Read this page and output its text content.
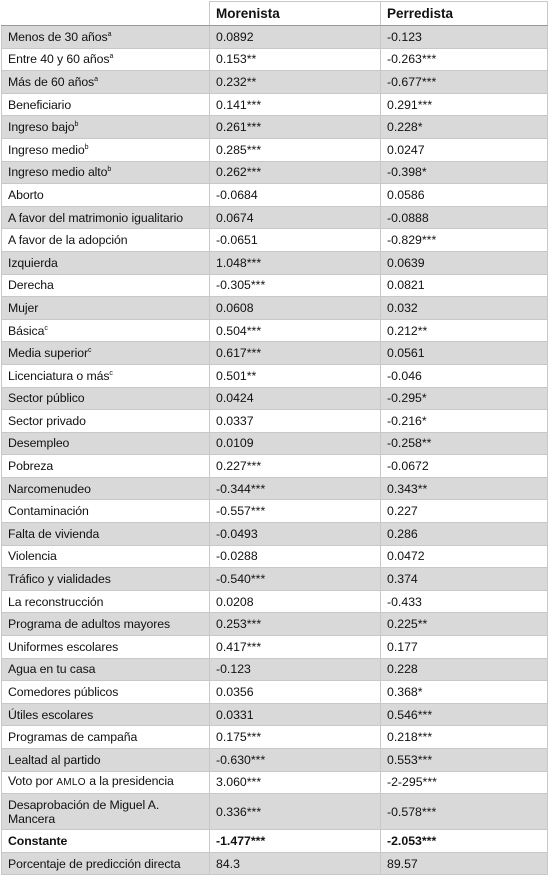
	Morenista	Perredista
Menos de 30 años$^a$	0.0892	-0.123
Entre 40 y 60 años$^a$	0.153**	-0.263***
Más de 60 años$^a$	0.232**	-0.677***
Beneficiario	0.141***	0.291***
Ingreso bajo$^b$	0.261***	0.228*
Ingreso medio$^b$	0.285***	0.0247
Ingreso medio alto$^b$	0.262***	-0.398*
Aborto	-0.0684	0.0586
A favor del matrimonio igualitario	0.0674	-0.0888
A favor de la adopción	-0.0651	-0.829***
Izquierda	1.048***	0.0639
Derecha	-0.305***	0.0821
Mujer	0.0608	0.032
Básica$^c$	0.504***	0.212**
Media superior$^c$	0.617***	0.0561
Licenciatura o más$^c$	0.501**	-0.046
Sector público	0.0424	-0.295*
Sector privado	0.0337	-0.216*
Desempleo	0.0109	-0.258**
Pobreza	0.227***	-0.0672
Narcomenudeo	-0.344***	0.343**
Contaminación	-0.557***	0.227
Falta de vivienda	-0.0493	0.286
Violencia	-0.0288	0.0472
Tráfico y vialidades	-0.540***	0.374
La reconstrucción	0.0208	-0.433
Programa de adultos mayores	0.253***	0.225**
Uniformes escolares	0.417***	0.177
Agua en tu casa	-0.123	0.228
Comedores públicos	0.0356	0.368*
Útiles escolares	0.0331	0.546***
Programas de campaña	0.175***	0.218***
Lealtad al partido	-0.630***	0.553***
Voto por AMLO a la presidencia	3.060***	-2-295***
Desaprobación de Miguel A. Mancera	0.336***	-0.578***
Constante	-1.477***	-2.053***
Porcentaje de predicción directa	84.3	89.57
